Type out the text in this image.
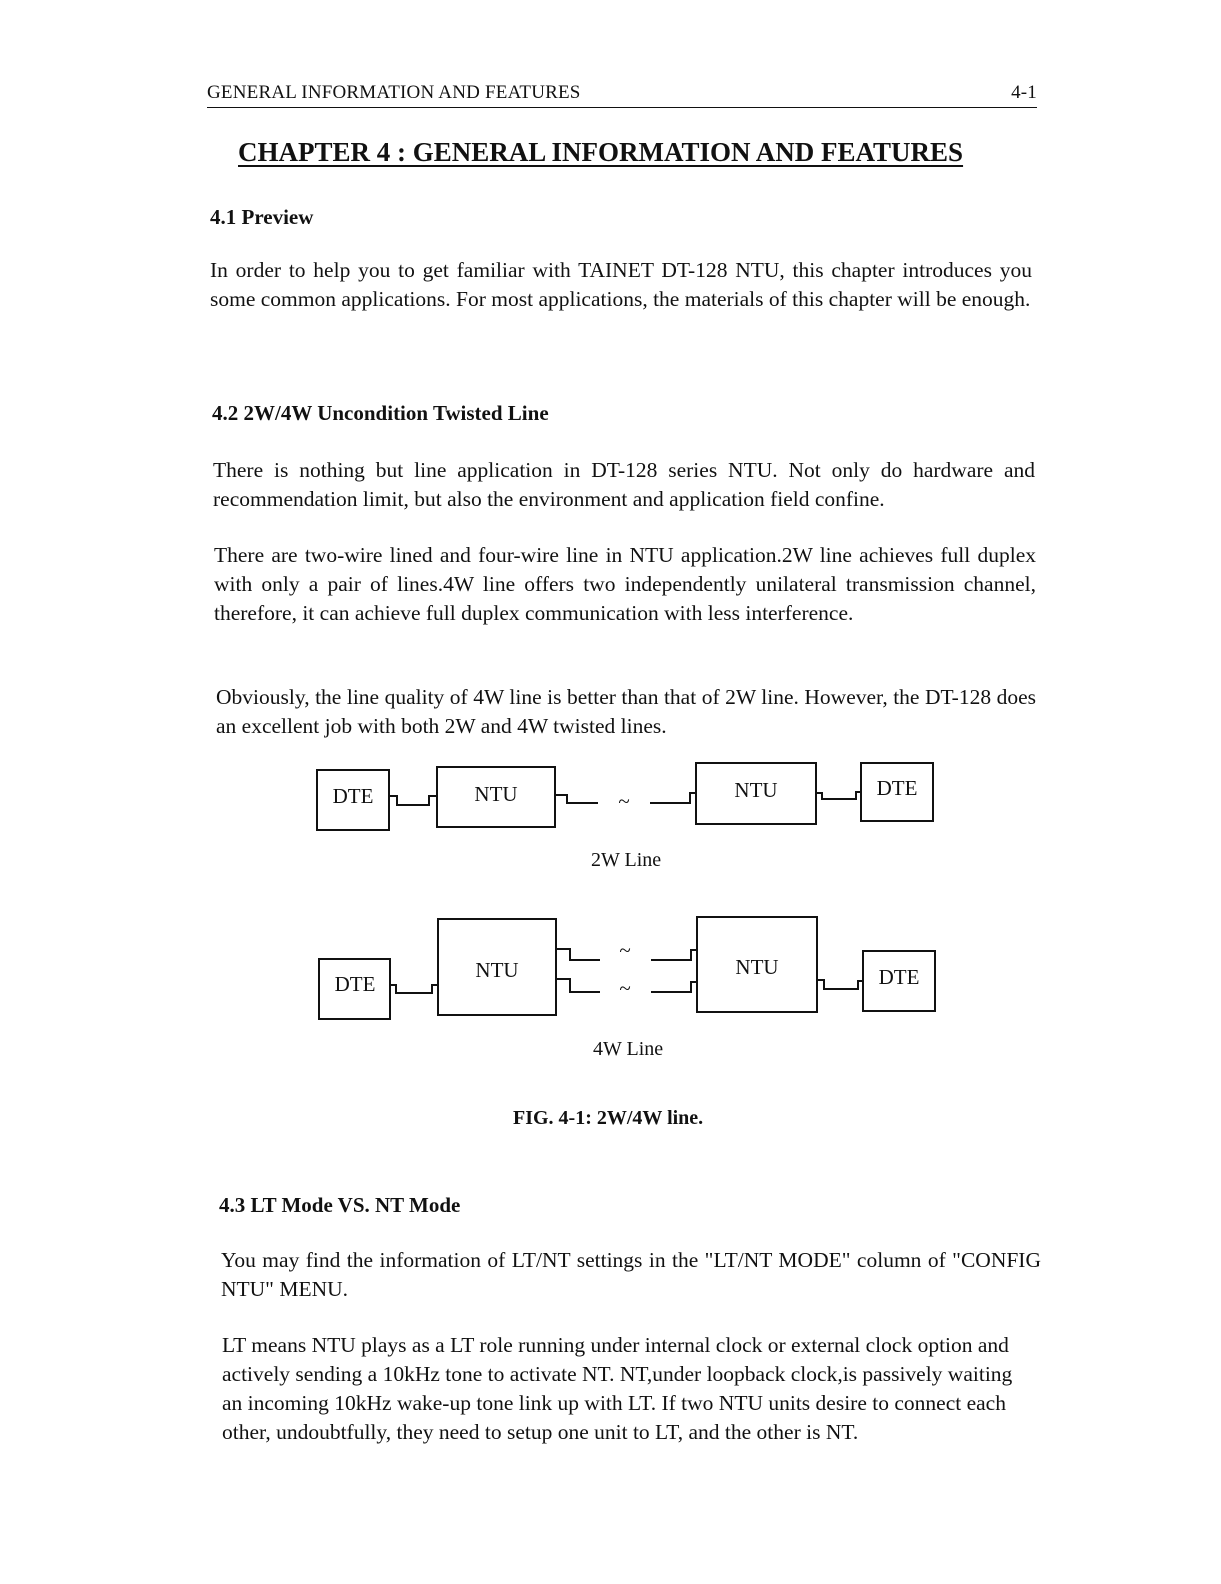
GENERAL INFORMATION AND FEATURES	4-1
CHAPTER 4 : GENERAL INFORMATION AND FEATURES
4.1 Preview
In order to help you to get familiar with TAINET DT-128 NTU, this chapter introduces you some common applications. For most applications, the materials of this chapter will be enough.
4.2 2W/4W Uncondition Twisted Line
There is nothing but line application in DT-128 series NTU. Not only do hardware and recommendation limit, but also the environment and application field confine.
There are two-wire lined and four-wire line in NTU application.2W line achieves full duplex with only a pair of lines.4W line offers two independently unilateral transmission channel, therefore, it can achieve full duplex communication with less interference.
Obviously, the line quality of 4W line is better than that of 2W line. However, the DT-128 does an excellent job with both 2W and 4W twisted lines.
DTE	NTU	NTU	DTE
DTE
NTU	NTU	DTE
~
~
~
2W Line
4W Line
FIG. 4-1: 2W/4W line.
4.3 LT Mode VS. NT Mode
You may find the information of LT/NT settings in the "LT/NT MODE" column of "CONFIG NTU" MENU.
LT means NTU plays as a LT role running under internal clock or external clock option and actively sending a 10kHz tone to activate NT. NT,under loopback clock,is passively waiting an incoming 10kHz wake-up tone link up with LT. If two NTU units desire to connect each other, undoubtfully, they need to setup one unit to LT, and the other is NT.
